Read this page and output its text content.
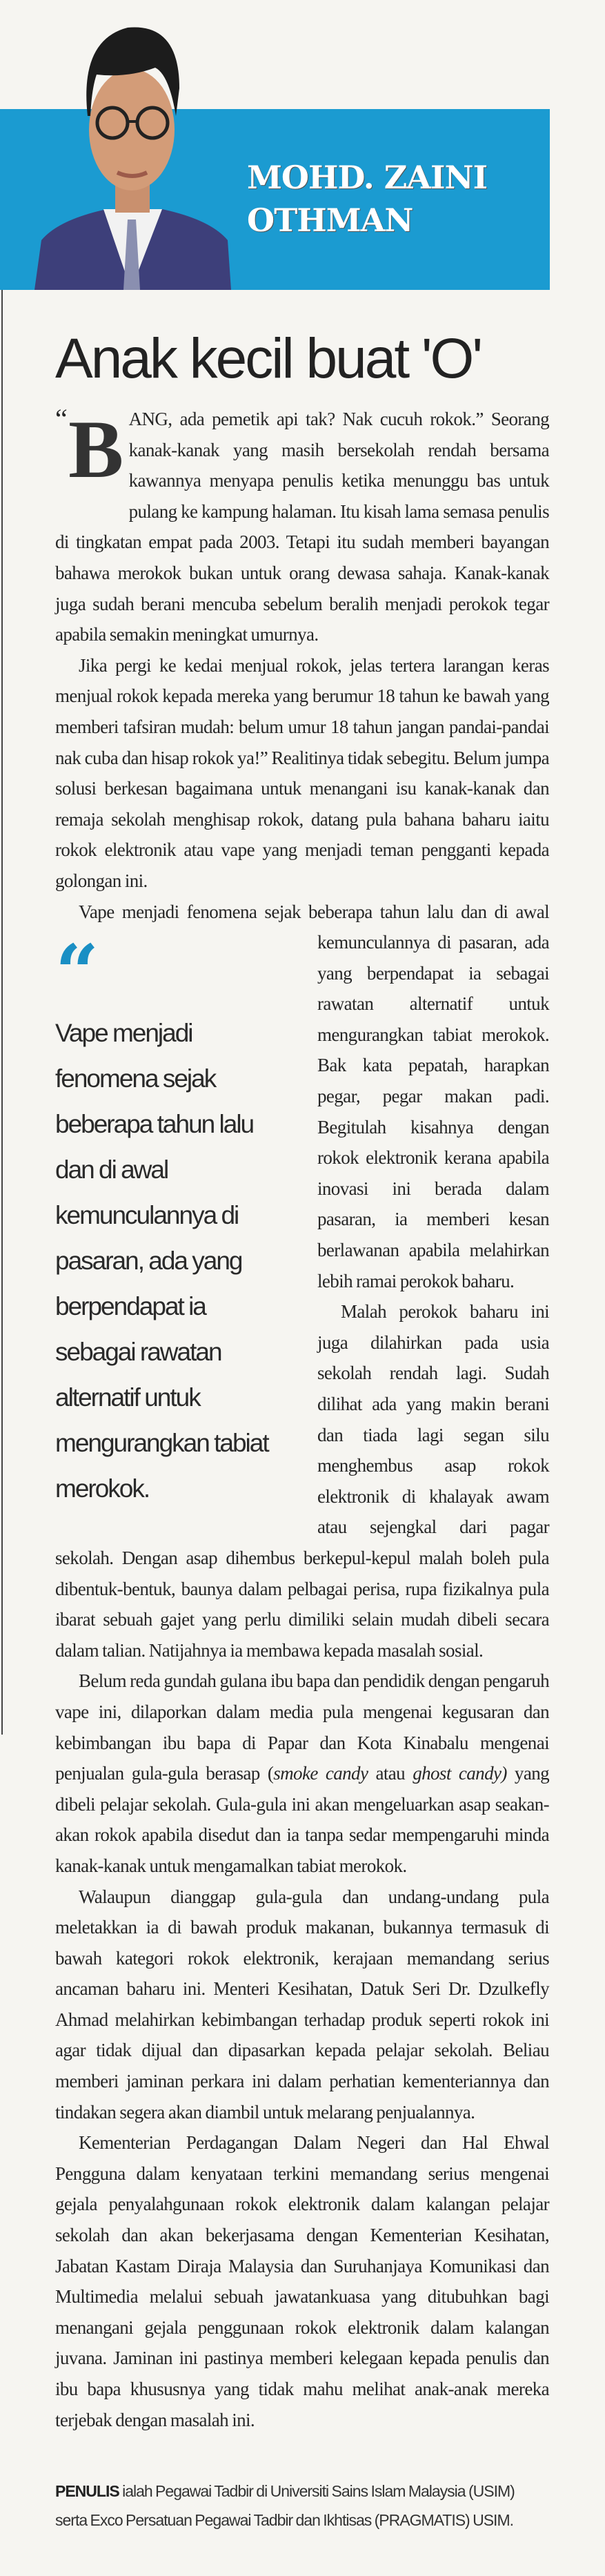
MOHD. ZAINI
OTHMAN
Anak kecil buat 'O'

“ B ANG, ada pemetik api tak? Nak cucuh rokok.” Seorang kanak-kanak yang masih bersekolah rendah bersama kawannya menyapa penulis ketika menunggu bas untuk pulang ke kampung halaman. Itu kisah lama semasa penulis di tingkatan empat pada 2003. Tetapi itu sudah memberi bayangan bahawa merokok bukan untuk orang dewasa sahaja. Kanak-kanak juga sudah berani mencuba sebelum beralih menjadi perokok tegar apabila semakin meningkat umurnya.

Jika pergi ke kedai menjual rokok, jelas tertera larangan keras menjual rokok kepada mereka yang berumur 18 tahun ke bawah yang memberi tafsiran mudah: belum umur 18 tahun jangan pandai-pandai nak cuba dan hisap rokok ya!” Realitinya tidak sebegitu. Belum jumpa solusi berkesan bagaimana untuk menangani isu kanak-kanak dan remaja sekolah menghisap rokok, datang pula bahana baharu iaitu rokok elektronik atau vape yang menjadi teman pengganti kepada golongan ini.

“
Vape menjadi fenomena sejak beberapa tahun lalu dan di awal kemunculannya di pasaran, ada yang berpendapat ia sebagai rawatan alternatif untuk mengurangkan tabiat merokok.
Vape menjadi fenomena sejak beberapa tahun lalu dan di awal kemunculannya di pasaran, ada yang berpendapat ia sebagai rawatan alternatif untuk mengurangkan tabiat merokok. Bak kata pepatah, harapkan pegar, pegar makan padi. Begitulah kisahnya dengan rokok elektronik kerana apabila inovasi ini berada dalam pasaran, ia memberi kesan berlawanan apabila melahirkan lebih ramai perokok baharu.

Malah perokok baharu ini juga dilahirkan pada usia sekolah rendah lagi. Sudah dilihat ada yang makin berani dan tiada lagi segan silu menghembus asap rokok elektronik di khalayak awam atau sejengkal dari pagar sekolah. Dengan asap dihembus berkepul-kepul malah boleh pula dibentuk-bentuk, baunya dalam pelbagai perisa, rupa fizikalnya pula ibarat sebuah gajet yang perlu dimiliki selain mudah dibeli secara dalam talian. Natijahnya ia membawa kepada masalah sosial.

Belum reda gundah gulana ibu bapa dan pendidik dengan pengaruh vape ini, dilaporkan dalam media pula mengenai kegusaran dan kebimbangan ibu bapa di Papar dan Kota Kinabalu mengenai penjualan gula-gula berasap (smoke candy atau ghost candy) yang dibeli pelajar sekolah. Gula-gula ini akan mengeluarkan asap seakan-akan rokok apabila disedut dan ia tanpa sedar mempengaruhi minda kanak-kanak untuk mengamalkan tabiat merokok.

Walaupun dianggap gula-gula dan undang-undang pula meletakkan ia di bawah produk makanan, bukannya termasuk di bawah kategori rokok elektronik, kerajaan memandang serius ancaman baharu ini. Menteri Kesihatan, Datuk Seri Dr. Dzulkefly Ahmad melahirkan kebimbangan terhadap produk seperti rokok ini agar tidak dijual dan dipasarkan kepada pelajar sekolah. Beliau memberi jaminan perkara ini dalam perhatian kementeriannya dan tindakan segera akan diambil untuk melarang penjualannya.

Kementerian Perdagangan Dalam Negeri dan Hal Ehwal Pengguna dalam kenyataan terkini memandang serius mengenai gejala penyalahgunaan rokok elektronik dalam kalangan pelajar sekolah dan akan bekerjasama dengan Kementerian Kesihatan, Jabatan Kastam Diraja Malaysia dan Suruhanjaya Komunikasi dan Multimedia melalui sebuah jawatankuasa yang ditubuhkan bagi menangani gejala penggunaan rokok elektronik dalam kalangan juvana. Jaminan ini pastinya memberi kelegaan kepada penulis dan ibu bapa khususnya yang tidak mahu melihat anak-anak mereka terjebak dengan masalah ini.

PENULIS ialah Pegawai Tadbir di Universiti Sains Islam Malaysia (USIM) serta Exco Persatuan Pegawai Tadbir dan Ikhtisas (PRAGMATIS) USIM.
